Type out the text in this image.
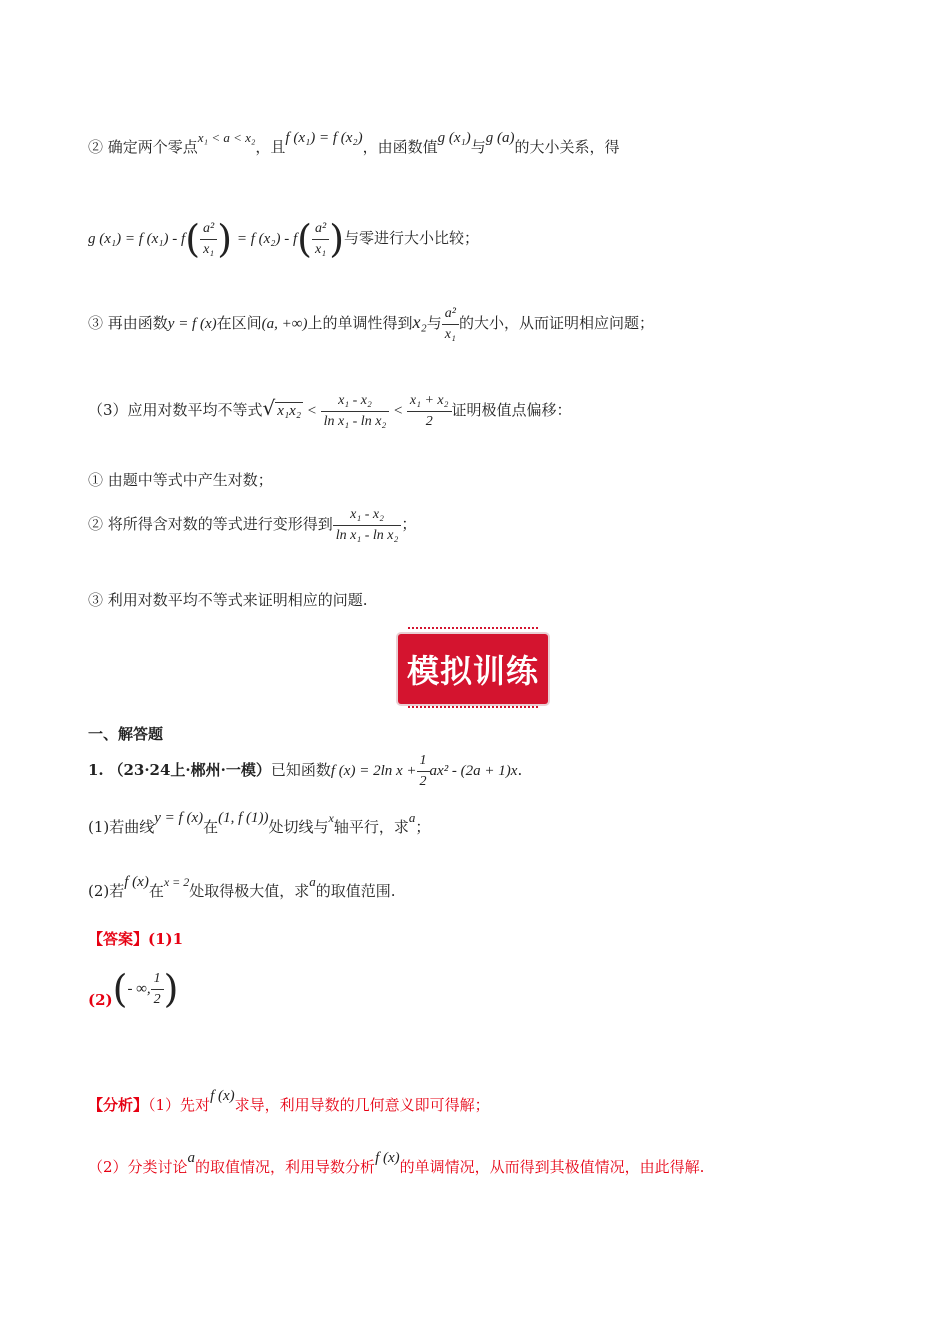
② 确定两个零点x₁ < a < x₂，且f (x₁) = f (x₂)，由函数值g (x₁)与g (a)的大小关系，得
g (x₁) = f $(x_1) - f( \frac{\text{a²}}{\text{x₁}}$ ) = f $(x_2) - f( \frac{\text{a²}}{\text{x₁}}$ )与零进行大小比较；
③ 再由函数y = f (x)在区间(a, +∞)上的单调性得到x₂与 $\frac{\text{a²}}{\text{x₁}}$ 的大小，从而证明相应问题；
（3）应用对数平均不等式√ $x_1x_2 < \frac{\text{x₁ - x₂}}{\text{ln x₁ - ln x₂}} < \frac{\text{x₁ + x₂}}{2}$ 证明极值点偏移：
① 由题中等式中产生对数；
② 将所得含对数的等式进行变形得到 $\frac{\text{x₁ - x₂}}{\text{ln x₁ - ln x₂}}$ ；
③ 利用对数平均不等式来证明相应的问题.
模拟训练
一、解答题
1. （23·24上·郴州·一模）已知函数f (x) = 2ln $x + \frac{1}{2} ax^2 - (2a + 1)x$.
(1)若曲线y = f (x)在(1, f (1))处切线与$^x$轴平行，求a；
(2)若f (x)在$^{x = 2}$处取得极大值，求a的取值范围.
【答案】(1)1
(2)(- ∞, $\frac{1}{2}$ )
【分析】（1）先对f (x)求导，利用导数的几何意义即可得解；
（2）分类讨论a的取值情况，利用导数分析f (x)的单调情况，从而得到其极值情况，由此得解.
